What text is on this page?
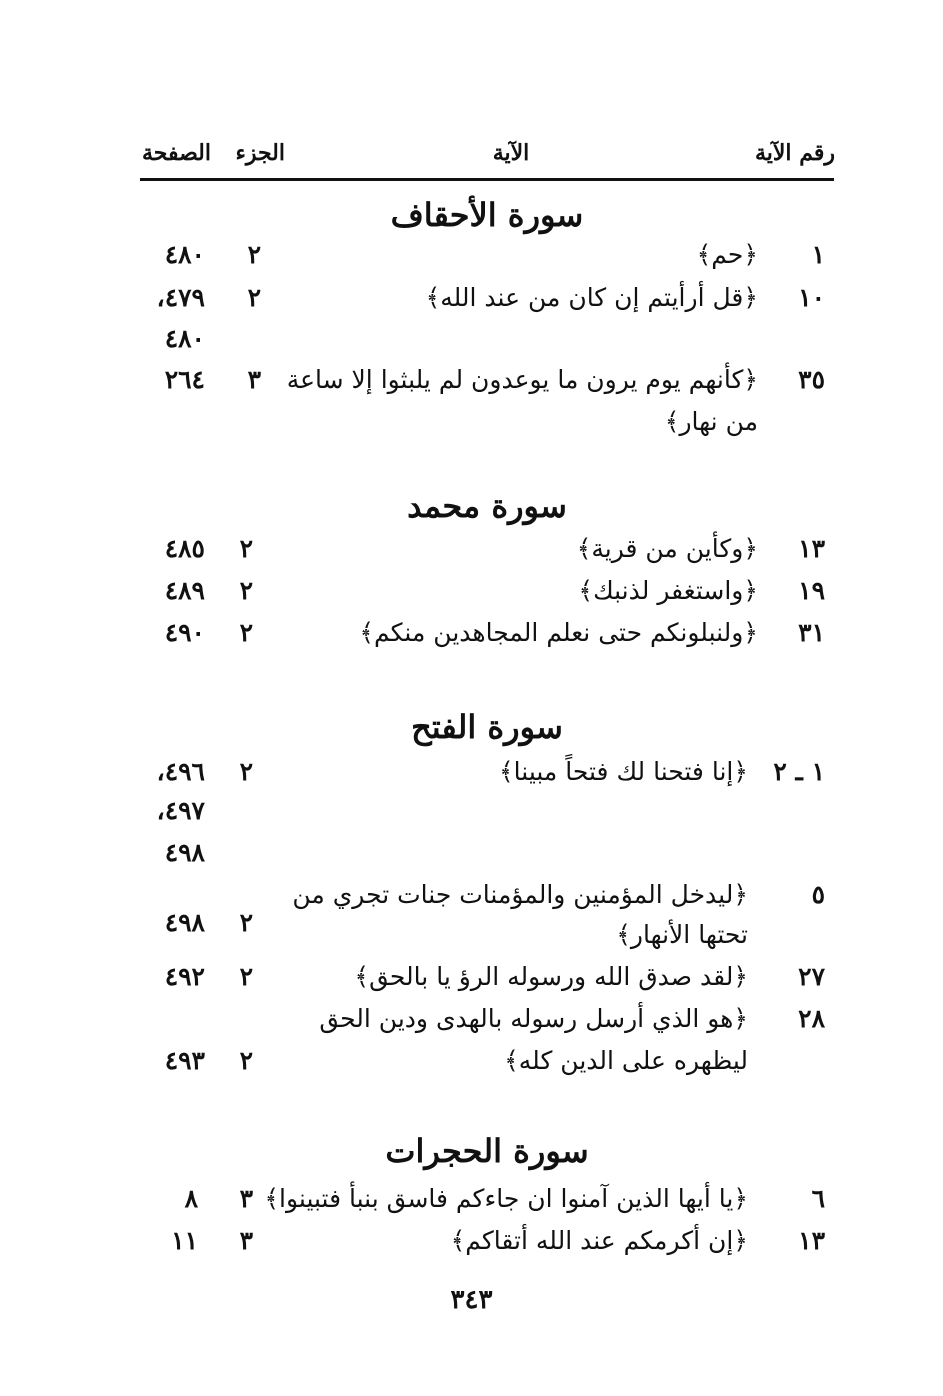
رقم الآية
الآية
الجزء
الصفحة
سورة الأحقاف
١
﴿حم﴾
٢
٤٨٠
١٠
﴿قل أرأيتم إن كان من عند الله﴾
٢
٤٧٩،
٤٨٠
٣٥
﴿كأنهم يوم يرون ما يوعدون لم يلبثوا إلا ساعة
من نهار﴾
٣
٢٦٤
سورة محمد
١٣
﴿وكأين من قرية﴾
٢
٤٨٥
١٩
﴿واستغفر لذنبك﴾
٢
٤٨٩
٣١
﴿ولنبلونكم حتى نعلم المجاهدين منكم﴾
٢
٤٩٠
سورة الفتح
١ ـ ٢
﴿إنا فتحنا لك فتحاً مبينا﴾
٢
٤٩٦،
٤٩٧،
٤٩٨
٥
﴿ليدخل المؤمنين والمؤمنات جنات تجري من
تحتها الأنهار﴾
٢
٤٩٨
٢٧
﴿لقد صدق الله ورسوله الرؤ يا بالحق﴾
٢
٤٩٢
٢٨
﴿هو الذي أرسل رسوله بالهدى ودين الحق
ليظهره على الدين كله﴾
٢
٤٩٣
سورة الحجرات
٦
﴿يا أيها الذين آمنوا ان جاءكم فاسق بنبأ فتبينوا﴾
٣
٨
١٣
﴿إن أكرمكم عند الله أتقاكم﴾
٣
١١
٣٤٣
